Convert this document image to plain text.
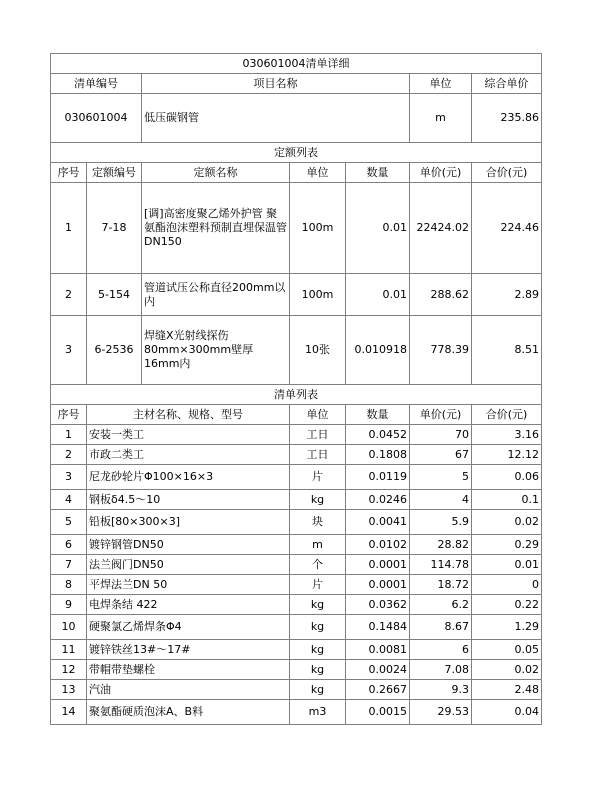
030601004清单详细						
清单编号		项目名称			单位	综合单价
030601004		低压碳钢管			m	235.86
定额列表						
序号	定额编号	定额名称	单位	数量	单价(元)	合价(元)
1	7-18	[调]高密度聚乙烯外护管 聚氨酯泡沫塑料预制直埋保温管 DN150	100m	0.01	22424.02	224.46
2	5-154	管道试压公称直径200mm以内	100m	0.01	288.62	2.89
3	6-2536	焊缝X光射线探伤 80mm×300mm壁厚16mm内	10张	0.010918	778.39	8.51
清单列表						
序号	主材名称、规格、型号		单位	数量	单价(元)	合价(元)
1	安装一类工		工日	0.0452	70	3.16
2	市政二类工		工日	0.1808	67	12.12
3	尼龙砂轮片Φ100×16×3		片	0.0119	5	0.06
4	钢板δ4.5～10		kg	0.0246	4	0.1
5	铅板[80×300×3]		块	0.0041	5.9	0.02
6	镀锌钢管DN50		m	0.0102	28.82	0.29
7	法兰阀门DN50		个	0.0001	114.78	0.01
8	平焊法兰DN 50		片	0.0001	18.72	0
9	电焊条结 422		kg	0.0362	6.2	0.22
10	硬聚氯乙烯焊条Φ4		kg	0.1484	8.67	1.29
11	镀锌铁丝13#～17#		kg	0.0081	6	0.05
12	带帽带垫螺栓		kg	0.0024	7.08	0.02
13	汽油		kg	0.2667	9.3	2.48
14	聚氨酯硬质泡沫A、B料		m3	0.0015	29.53	0.04
